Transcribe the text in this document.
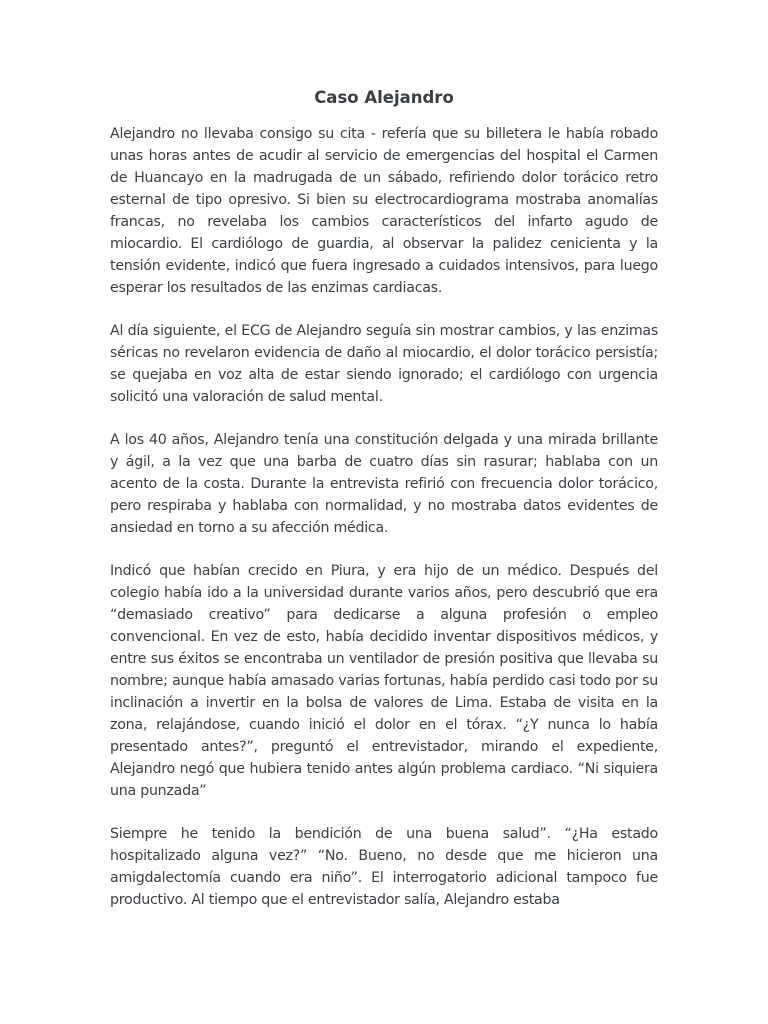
Caso Alejandro

Alejandro no llevaba consigo su cita - refería que su billetera le había robado unas horas antes de acudir al servicio de emergencias del hospital el Carmen de Huancayo en la madrugada de un sábado, refiriendo dolor torácico retro esternal de tipo opresivo. Si bien su electrocardiograma mostraba anomalías francas, no revelaba los cambios característicos del infarto agudo de miocardio. El cardiólogo de guardia, al observar la palidez cenicienta y la tensión evidente, indicó que fuera ingresado a cuidados intensivos, para luego esperar los resultados de las enzimas cardiacas.

Al día siguiente, el ECG de Alejandro seguía sin mostrar cambios, y las enzimas séricas no revelaron evidencia de daño al miocardio, el dolor torácico persistía; se quejaba en voz alta de estar siendo ignorado; el cardiólogo con urgencia solicitó una valoración de salud mental.

A los 40 años, Alejandro tenía una constitución delgada y una mirada brillante y ágil, a la vez que una barba de cuatro días sin rasurar; hablaba con un acento de la costa. Durante la entrevista refirió con frecuencia dolor torácico, pero respiraba y hablaba con normalidad, y no mostraba datos evidentes de ansiedad en torno a su afección médica.

Indicó que habían crecido en Piura, y era hijo de un médico. Después del colegio había ido a la universidad durante varios años, pero descubrió que era “demasiado creativo” para dedicarse a alguna profesión o empleo convencional. En vez de esto, había decidido inventar dispositivos médicos, y entre sus éxitos se encontraba un ventilador de presión positiva que llevaba su nombre; aunque había amasado varias fortunas, había perdido casi todo por su inclinación a invertir en la bolsa de valores de Lima. Estaba de visita en la zona, relajándose, cuando inició el dolor en el tórax. “¿Y nunca lo había presentado antes?”, preguntó el entrevistador, mirando el expediente, Alejandro negó que hubiera tenido antes algún problema cardiaco. “Ni siquiera una punzada”

Siempre he tenido la bendición de una buena salud”. “¿Ha estado hospitalizado alguna vez?” “No. Bueno, no desde que me hicieron una amigdalectomía cuando era niño”. El interrogatorio adicional tampoco fue productivo. Al tiempo que el entrevistador salía, Alejandro estaba
